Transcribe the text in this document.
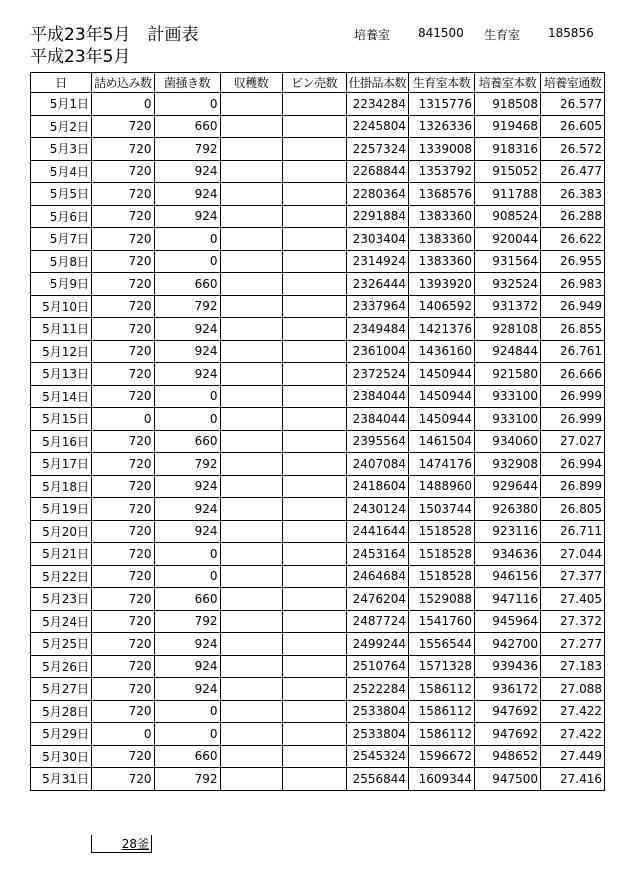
平成23年5月　計画表
平成23年5月
培養室 841500 生育室 185856
日	詰め込み数	菌掻き数	収穫数	ビン売数	仕掛品本数	生育室本数	培養室本数	培養室通数
5月1日	0	0			2234284	1315776	918508	26.577
5月2日	720	660			2245804	1326336	919468	26.605
5月3日	720	792			2257324	1339008	918316	26.572
5月4日	720	924			2268844	1353792	915052	26.477
5月5日	720	924			2280364	1368576	911788	26.383
5月6日	720	924			2291884	1383360	908524	26.288
5月7日	720	0			2303404	1383360	920044	26.622
5月8日	720	0			2314924	1383360	931564	26.955
5月9日	720	660			2326444	1393920	932524	26.983
5月10日	720	792			2337964	1406592	931372	26.949
5月11日	720	924			2349484	1421376	928108	26.855
5月12日	720	924			2361004	1436160	924844	26.761
5月13日	720	924			2372524	1450944	921580	26.666
5月14日	720	0			2384044	1450944	933100	26.999
5月15日	0	0			2384044	1450944	933100	26.999
5月16日	720	660			2395564	1461504	934060	27.027
5月17日	720	792			2407084	1474176	932908	26.994
5月18日	720	924			2418604	1488960	929644	26.899
5月19日	720	924			2430124	1503744	926380	26.805
5月20日	720	924			2441644	1518528	923116	26.711
5月21日	720	0			2453164	1518528	934636	27.044
5月22日	720	0			2464684	1518528	946156	27.377
5月23日	720	660			2476204	1529088	947116	27.405
5月24日	720	792			2487724	1541760	945964	27.372
5月25日	720	924			2499244	1556544	942700	27.277
5月26日	720	924			2510764	1571328	939436	27.183
5月27日	720	924			2522284	1586112	936172	27.088
5月28日	720	0			2533804	1586112	947692	27.422
5月29日	0	0			2533804	1586112	947692	27.422
5月30日	720	660			2545324	1596672	948652	27.449
5月31日	720	792			2556844	1609344	947500	27.416
28釜
